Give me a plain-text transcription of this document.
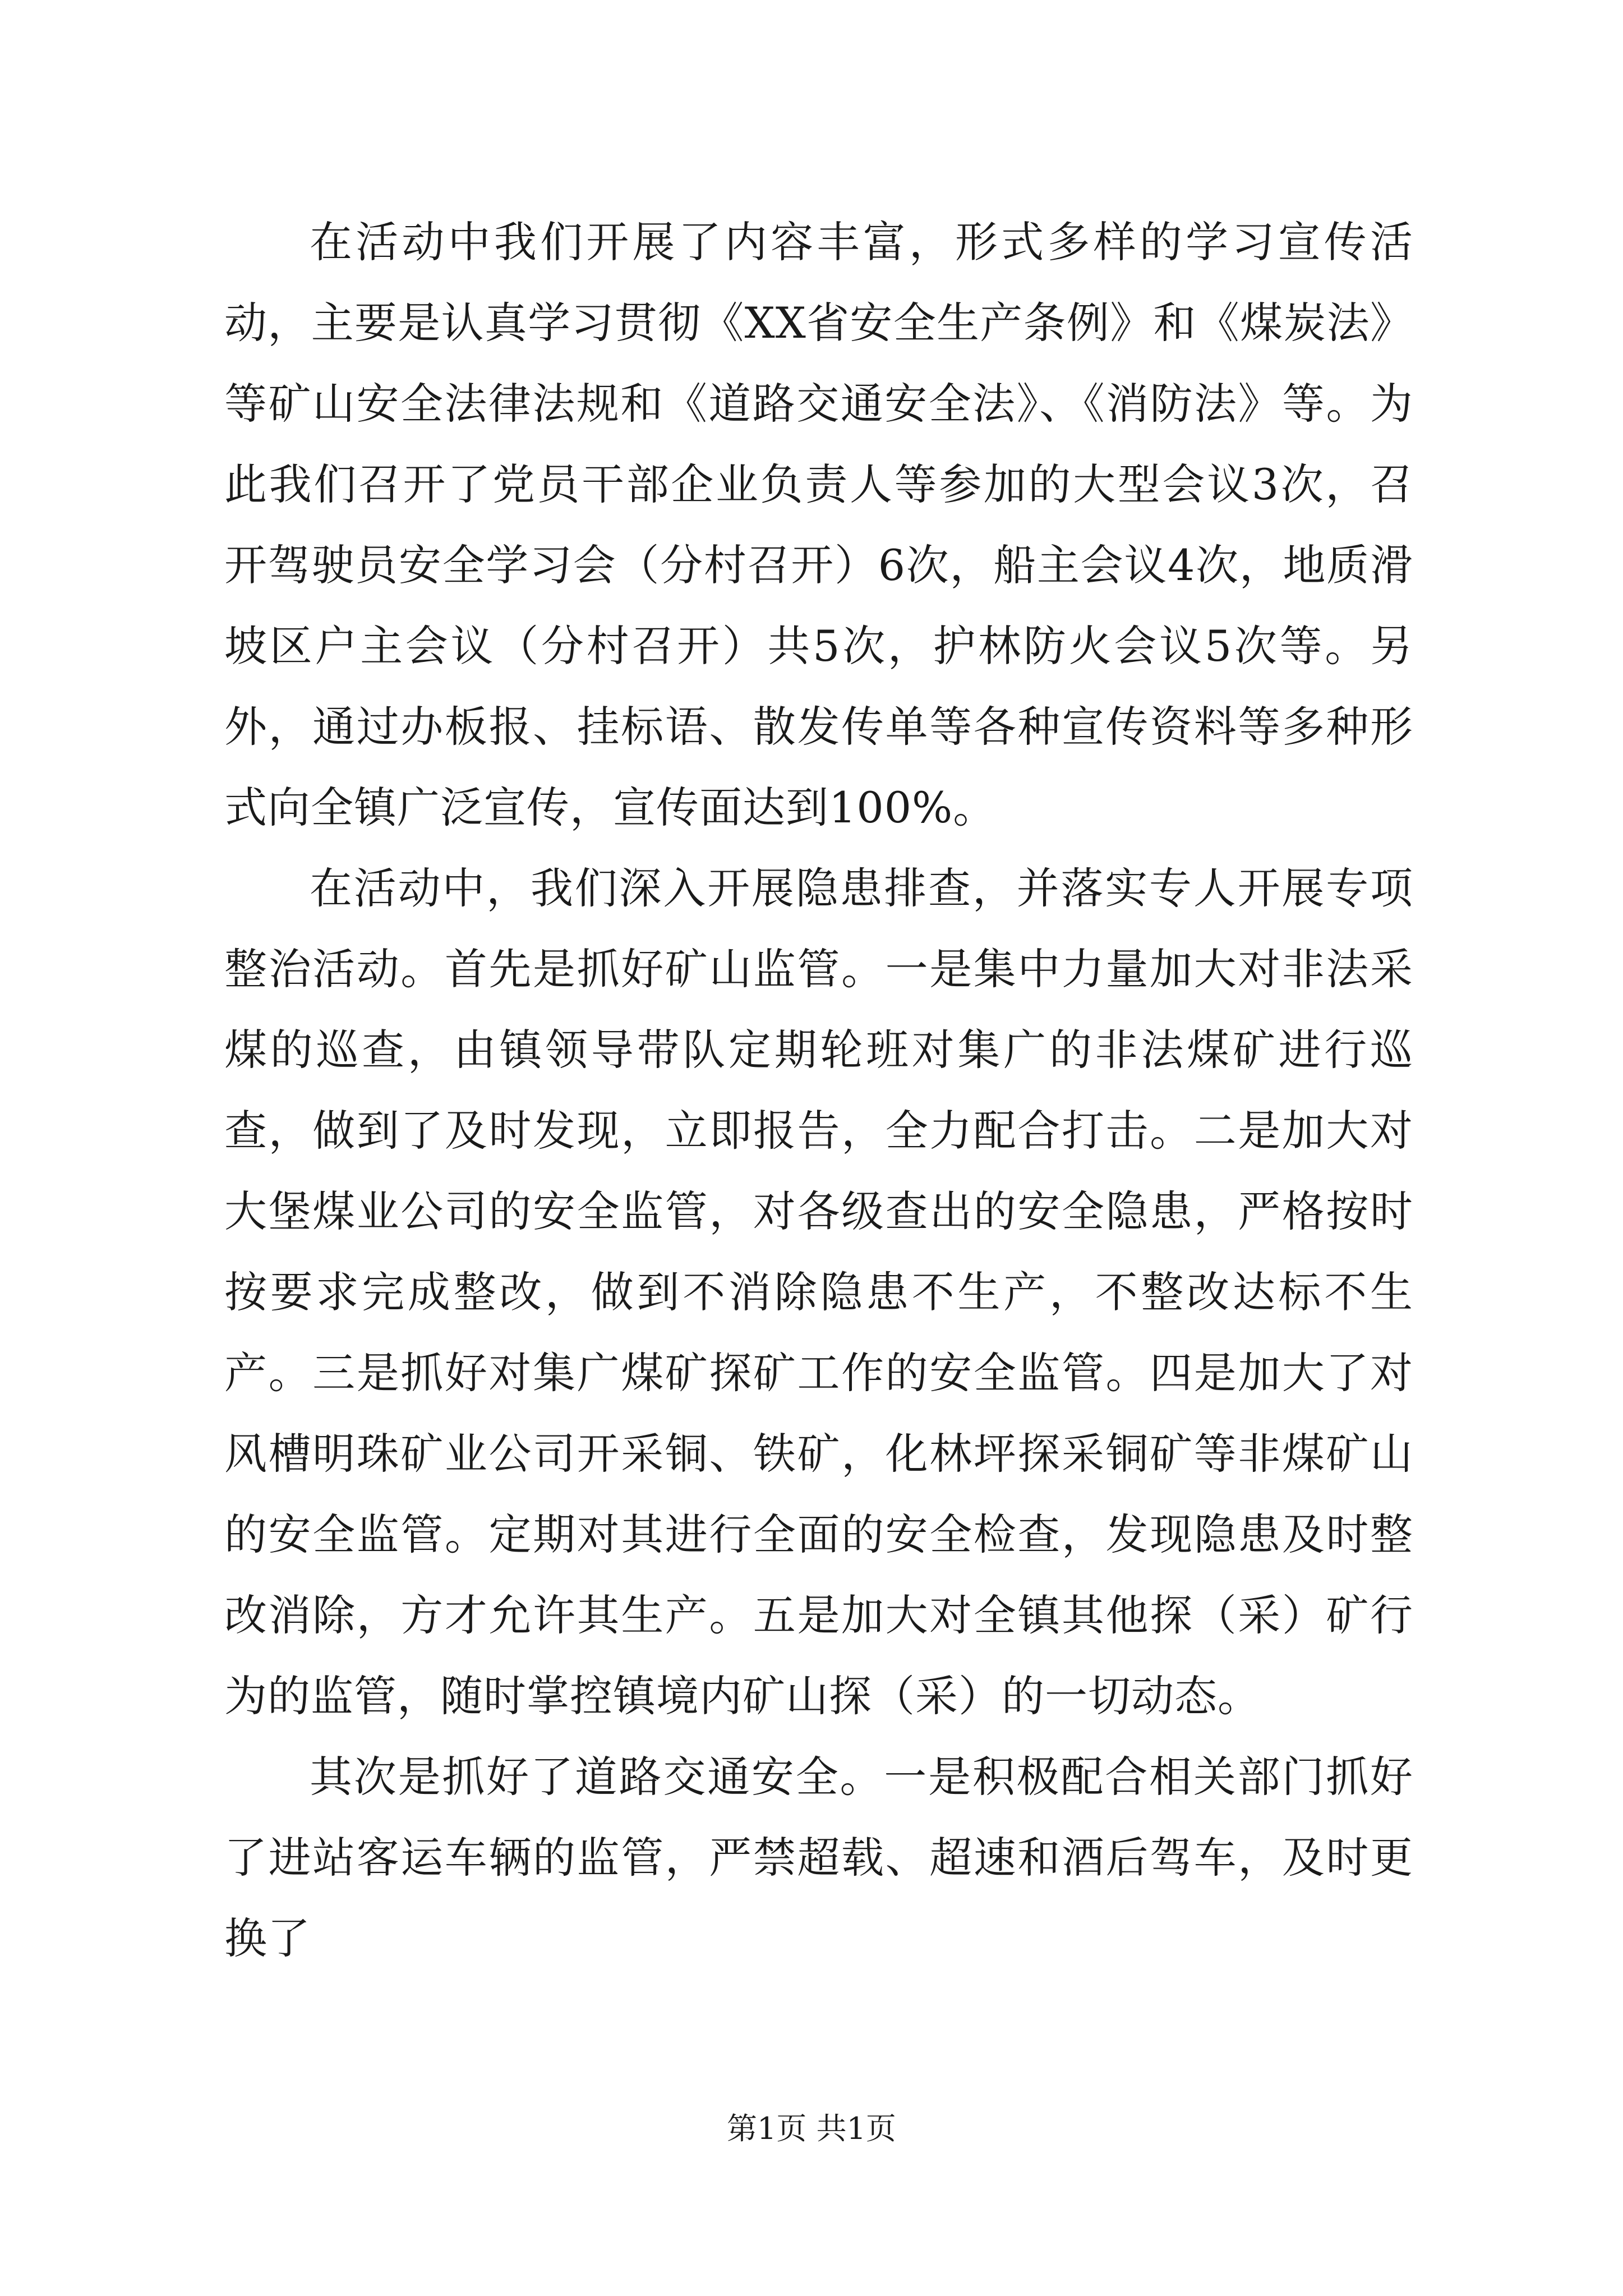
在活动中我们开展了内容丰富，形式多样的学习宣传活动，主要是认真学习贯彻《XX省安全生产条例》和《煤炭法》等矿山安全法律法规和《道路交通安全法》、《消防法》等。为此我们召开了党员干部企业负责人等参加的大型会议3次，召开驾驶员安全学习会（分村召开）6次，船主会议4次，地质滑坡区户主会议（分村召开）共5次，护林防火会议5次等。另外，通过办板报、挂标语、散发传单等各种宣传资料等多种形式向全镇广泛宣传，宣传面达到100%。

在活动中，我们深入开展隐患排查，并落实专人开展专项整治活动。首先是抓好矿山监管。一是集中力量加大对非法采煤的巡查，由镇领导带队定期轮班对集广的非法煤矿进行巡查，做到了及时发现，立即报告，全力配合打击。二是加大对大堡煤业公司的安全监管，对各级查出的安全隐患，严格按时按要求完成整改，做到不消除隐患不生产，不整改达标不生产。三是抓好对集广煤矿探矿工作的安全监管。四是加大了对风槽明珠矿业公司开采铜、铁矿，化林坪探采铜矿等非煤矿山的安全监管。定期对其进行全面的安全检查，发现隐患及时整改消除，方才允许其生产。五是加大对全镇其他探（采）矿行为的监管，随时掌控镇境内矿山探（采）的一切动态。

其次是抓好了道路交通安全。一是积极配合相关部门抓好了进站客运车辆的监管，严禁超载、超速和酒后驾车，及时更换了

第1页 共1页
